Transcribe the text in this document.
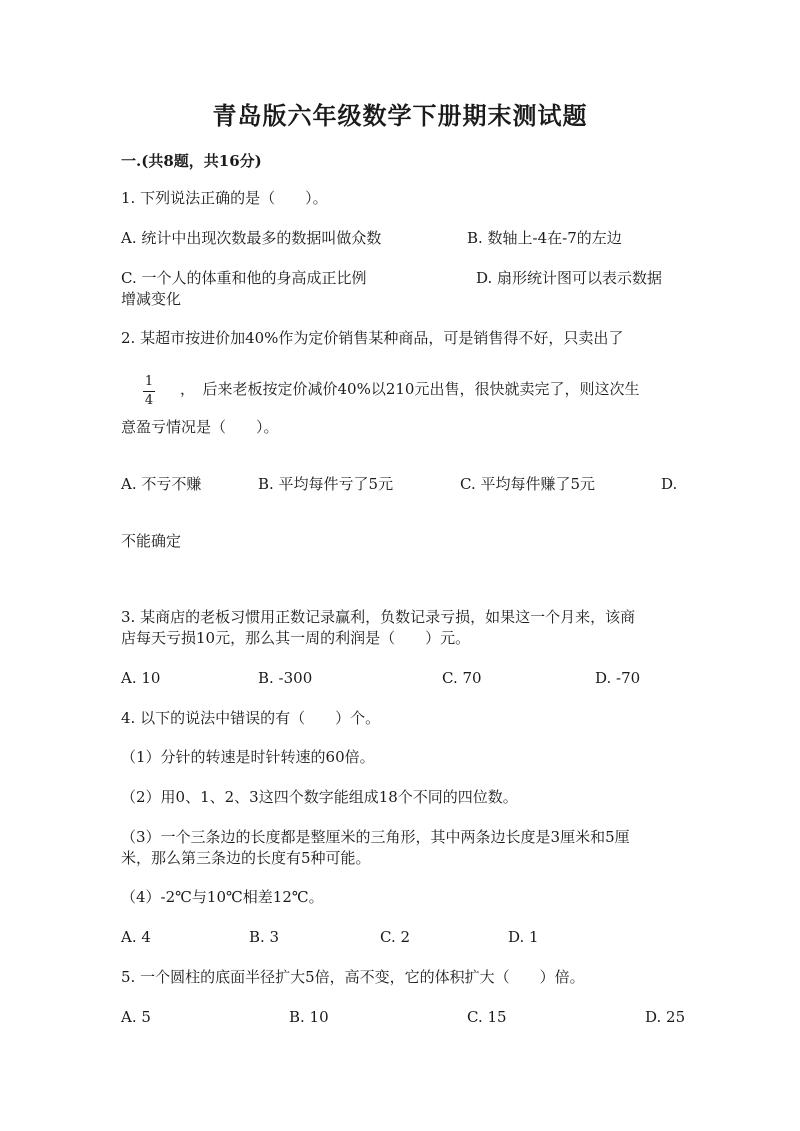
青岛版六年级数学下册期末测试题
一.(共8题，共16分)
1. 下列说法正确的是（　　）。
A. 统计中出现次数最多的数据叫做众数	B. 数轴上-4在-7的左边
C. 一个人的体重和他的身高成正比例	D. 扇形统计图可以表示数据
增减变化
2. 某超市按进价加40%作为定价销售某种商品，可是销售得不好，只卖出了
1
4
，　后来老板按定价减价40%以210元出售，很快就卖完了，则这次生
意盈亏情况是（　　）。
A. 不亏不赚	B. 平均每件亏了5元	C. 平均每件赚了5元	D.
不能确定
3. 某商店的老板习惯用正数记录赢利，负数记录亏损，如果这一个月来，该商
店每天亏损10元，那么其一周的利润是（　　）元。
A. 10	B. -300	C. 70	D. -70
4. 以下的说法中错误的有（　　）个。
（1）分针的转速是时针转速的60倍。
（2）用0、1、2、3这四个数字能组成18个不同的四位数。
（3）一个三条边的长度都是整厘米的三角形，其中两条边长度是3厘米和5厘
米，那么第三条边的长度有5种可能。
（4）-2℃与10℃相差12℃。
A. 4	B. 3	C. 2	D. 1
5. 一个圆柱的底面半径扩大5倍，高不变，它的体积扩大（　　）倍。
A. 5	B. 10	C. 15	D. 25
